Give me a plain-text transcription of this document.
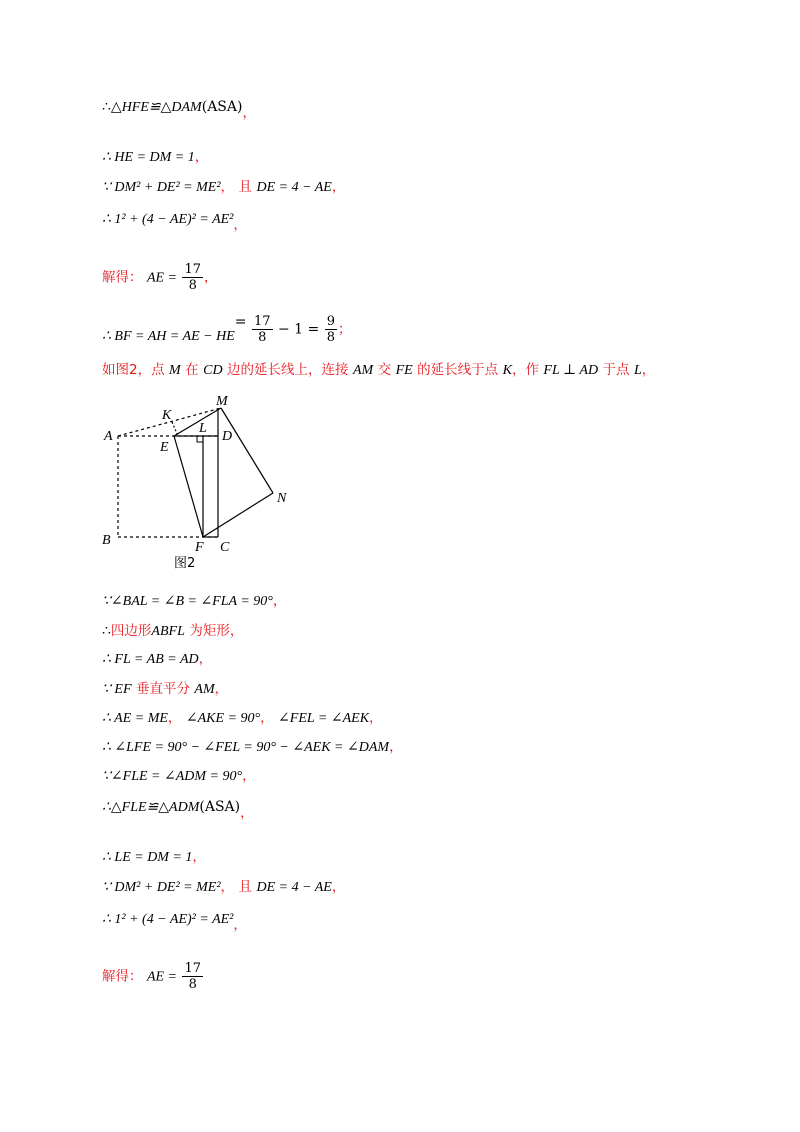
∴△HFE≌△DAM(ASA)，
∴ HE = DM = 1，
∵ DM² + DE² = ME²， 且 DE = 4 − AE，
∴ 1² + (4 − AE)² = AE²，
解得： AE = $\frac{17}{8}$ ，
∴ BF = AH = AE − $HE= \frac{17}{8} - 1 = \frac{9}{8}$ ；
如图2，点 M 在 CD 边的延长线上，连接 AM 交 FE 的延长线于点 K，作 FL ⊥ AD 于点 L，
A
B	C
D
E
F
K
L
M
N
图2
∵∠BAL = ∠B = ∠FLA = 90°，
∴四边形ABFL 为矩形，
∴ FL = AB = AD，
∵ EF 垂直平分 AM，
∴ AE = ME， ∠AKE = 90°， ∠FEL = ∠AEK，
∴ ∠LFE = 90° − ∠FEL = 90° − ∠AEK = ∠DAM，
∵∠FLE = ∠ADM = 90°，
∴△FLE≌△ADM(ASA)，
∴ LE = DM = 1，
∵ DM² + DE² = ME²， 且 DE = 4 − AE，
∴ 1² + (4 − AE)² = AE²，
解得： AE = $\frac{17}{8}$
